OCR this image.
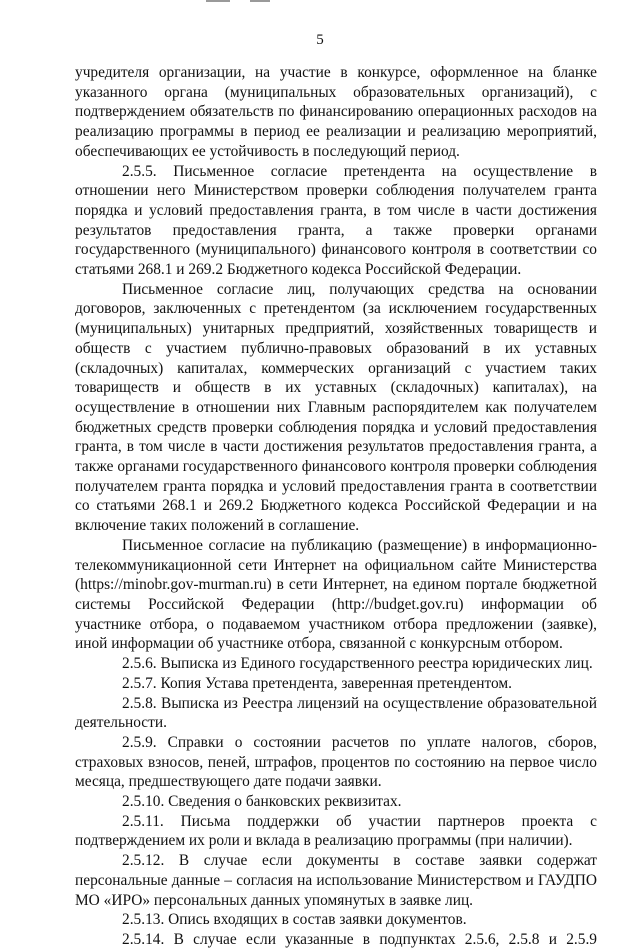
5

учредителя организации, на участие в конкурсе, оформленное на бланке указанного органа (муниципальных образовательных организаций), с подтверждением обязательств по финансированию операционных расходов на реализацию программы в период ее реализации и реализацию мероприятий, обеспечивающих ее устойчивость в последующий период.

2.5.5. Письменное согласие претендента на осуществление в отношении него Министерством проверки соблюдения получателем гранта порядка и условий предоставления гранта, в том числе в части достижения результатов предоставления гранта, а также проверки органами государственного (муниципального) финансового контроля в соответствии со статьями 268.1 и 269.2 Бюджетного кодекса Российской Федерации.

Письменное согласие лиц, получающих средства на основании договоров, заключенных с претендентом (за исключением государственных (муниципальных) унитарных предприятий, хозяйственных товариществ и обществ с участием публично-правовых образований в их уставных (складочных) капиталах, коммерческих организаций с участием таких товариществ и обществ в их уставных (складочных) капиталах), на осуществление в отношении них Главным распорядителем как получателем бюджетных средств проверки соблюдения порядка и условий предоставления гранта, в том числе в части достижения результатов предоставления гранта, а также органами государственного финансового контроля проверки соблюдения получателем гранта порядка и условий предоставления гранта в соответствии со статьями 268.1 и 269.2 Бюджетного кодекса Российской Федерации и на включение таких положений в соглашение.

Письменное согласие на публикацию (размещение) в информационно-телекоммуникационной сети Интернет на официальном сайте Министерства (https://minobr.gov-murman.ru) в сети Интернет, на едином портале бюджетной системы Российской Федерации (http://budget.gov.ru) информации об участнике отбора, о подаваемом участником отбора предложении (заявке), иной информации об участнике отбора, связанной с конкурсным отбором.

2.5.6. Выписка из Единого государственного реестра юридических лиц.

2.5.7. Копия Устава претендента, заверенная претендентом.

2.5.8. Выписка из Реестра лицензий на осуществление образовательной деятельности.

2.5.9. Справки о состоянии расчетов по уплате налогов, сборов, страховых взносов, пеней, штрафов, процентов по состоянию на первое число месяца, предшествующего дате подачи заявки.

2.5.10. Сведения о банковских реквизитах.

2.5.11. Письма поддержки об участии партнеров проекта с подтверждением их роли и вклада в реализацию программы (при наличии).

2.5.12. В случае если документы в составе заявки содержат персональные данные – согласия на использование Министерством и ГАУДПО МО «ИРО» персональных данных упомянутых в заявке лиц.

2.5.13. Опись входящих в состав заявки документов.

2.5.14. В случае если указанные в подпунктах 2.5.6, 2.5.8 и 2.5.9
